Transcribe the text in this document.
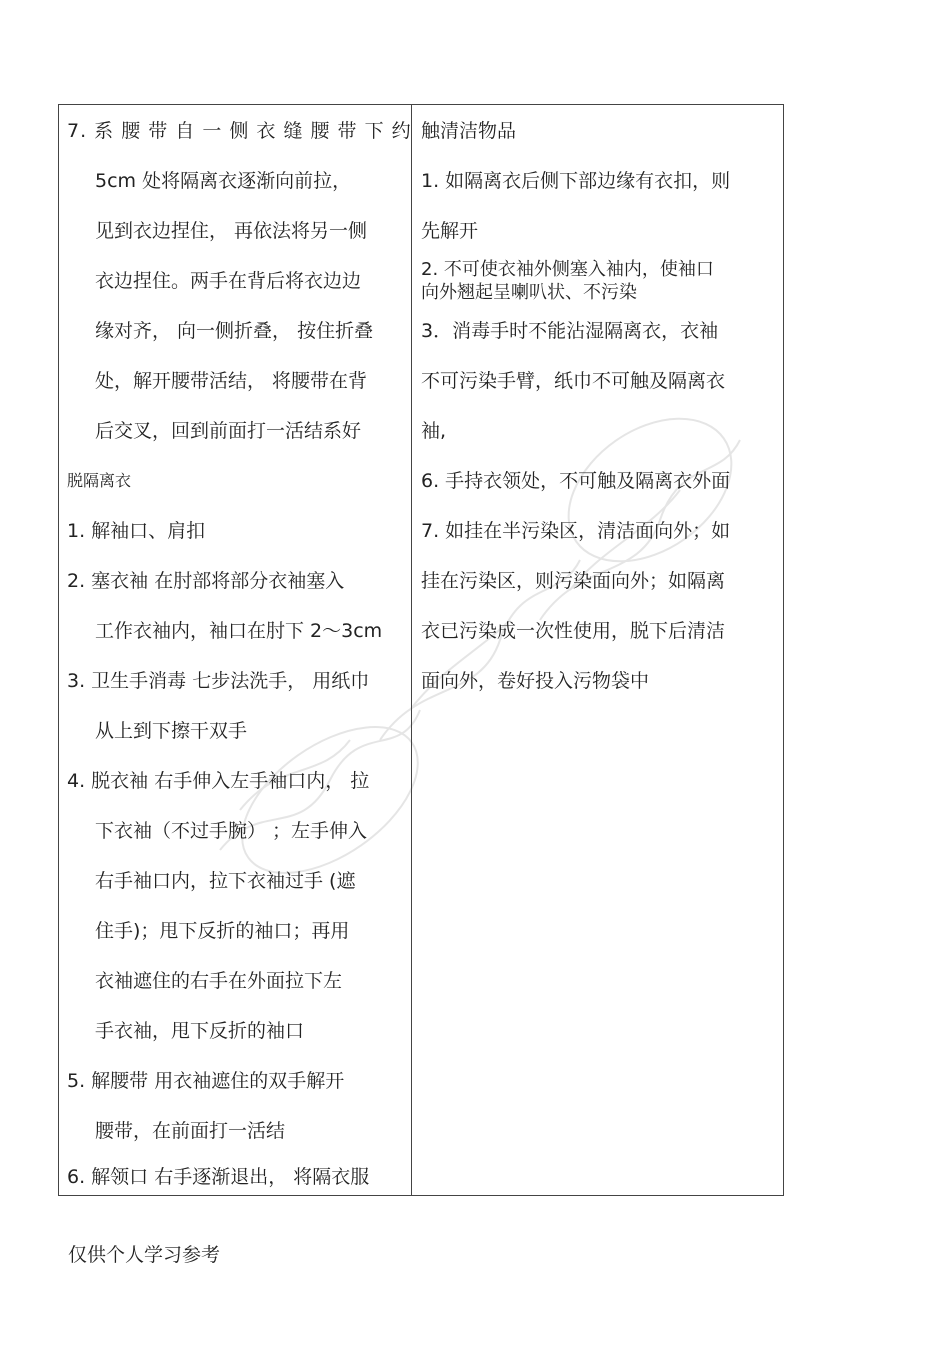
7. 系 腰 带 自 一 侧 衣 缝 腰 带 下 约
5cm 处将隔离衣逐渐向前拉，
见到衣边捏住， 再依法将另一侧
衣边捏住。两手在背后将衣边边
缘对齐， 向一侧折叠， 按住折叠
处，解开腰带活结， 将腰带在背
后交叉，回到前面打一活结系好
脱隔离衣
1. 解袖口、肩扣
2. 塞衣袖 在肘部将部分衣袖塞入
工作衣袖内，袖口在肘下 2～3cm
3. 卫生手消毒 七步法洗手， 用纸巾
从上到下擦干双手
4. 脱衣袖 右手伸入左手袖口内， 拉
下衣袖（不过手腕） ；左手伸入
右手袖口内，拉下衣袖过手 (遮
住手)；甩下反折的袖口；再用
衣袖遮住的右手在外面拉下左
手衣袖，甩下反折的袖口
5. 解腰带 用衣袖遮住的双手解开
腰带，在前面打一活结
6. 解领口 右手逐渐退出， 将隔衣服
触清洁物品
1. 如隔离衣后侧下部边缘有衣扣，则
先解开
2. 不可使衣袖外侧塞入袖内，使袖口
向外翘起呈喇叭状、不污染
3．消毒手时不能沾湿隔离衣，衣袖
不可污染手臂，纸巾不可触及隔离衣
袖,
6. 手持衣领处，不可触及隔离衣外面
7. 如挂在半污染区，清洁面向外；如
挂在污染区，则污染面向外；如隔离
衣已污染成一次性使用，脱下后清洁
面向外，卷好投入污物袋中
仅供个人学习参考
